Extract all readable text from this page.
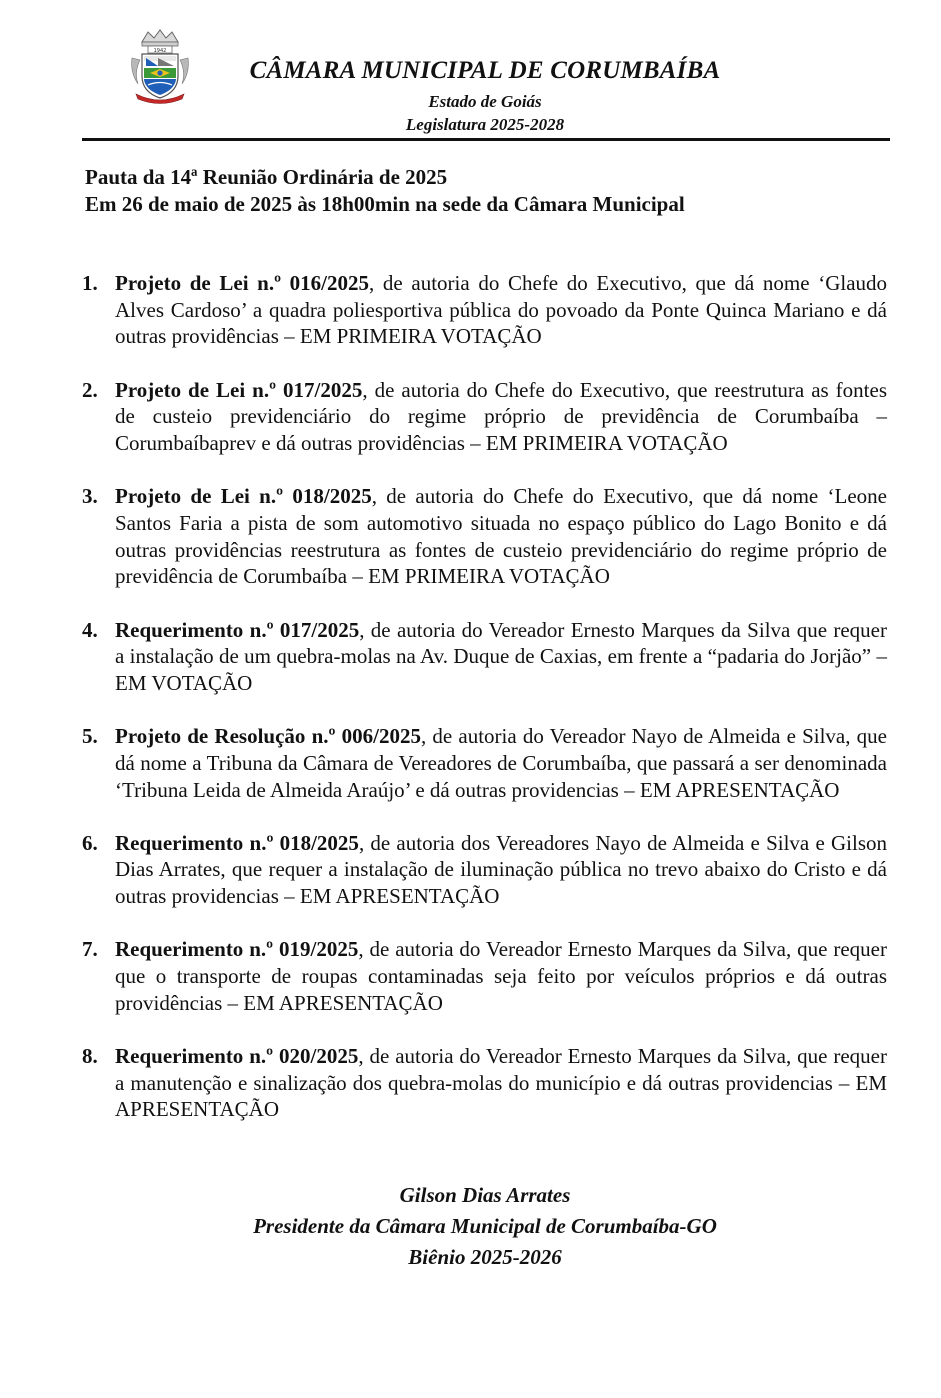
1942
CÂMARA MUNICIPAL DE CORUMBAÍBA
Estado de Goiás
Legislatura 2025-2028
Pauta da 14ª Reunião Ordinária de 2025
Em 26 de maio de 2025 às 18h00min na sede da Câmara Municipal
1. Projeto de Lei n.º 016/2025, de autoria do Chefe do Executivo, que dá nome ‘Glaudo Alves Cardoso’ a quadra poliesportiva pública do povoado da Ponte Quinca Mariano e dá outras providências – EM PRIMEIRA VOTAÇÃO
2. Projeto de Lei n.º 017/2025, de autoria do Chefe do Executivo, que reestrutura as fontes de custeio previdenciário do regime próprio de previdência de Corumbaíba – Corumbaíbaprev e dá outras providências – EM PRIMEIRA VOTAÇÃO
3. Projeto de Lei n.º 018/2025, de autoria do Chefe do Executivo, que dá nome ‘Leone Santos Faria a pista de som automotivo situada no espaço público do Lago Bonito e dá outras providências reestrutura as fontes de custeio previdenciário do regime próprio de previdência de Corumbaíba – EM PRIMEIRA VOTAÇÃO
4. Requerimento n.º 017/2025, de autoria do Vereador Ernesto Marques da Silva que requer a instalação de um quebra-molas na Av. Duque de Caxias, em frente a “padaria do Jorjão” – EM VOTAÇÃO
5. Projeto de Resolução n.º 006/2025, de autoria do Vereador Nayo de Almeida e Silva, que dá nome a Tribuna da Câmara de Vereadores de Corumbaíba, que passará a ser denominada ‘Tribuna Leida de Almeida Araújo’ e dá outras providencias – EM APRESENTAÇÃO
6. Requerimento n.º 018/2025, de autoria dos Vereadores Nayo de Almeida e Silva e Gilson Dias Arrates, que requer a instalação de iluminação pública no trevo abaixo do Cristo e dá outras providencias – EM APRESENTAÇÃO
7. Requerimento n.º 019/2025, de autoria do Vereador Ernesto Marques da Silva, que requer que o transporte de roupas contaminadas seja feito por veículos próprios e dá outras providências – EM APRESENTAÇÃO
8. Requerimento n.º 020/2025, de autoria do Vereador Ernesto Marques da Silva, que requer a manutenção e sinalização dos quebra-molas do município e dá outras providencias – EM APRESENTAÇÃO
Gilson Dias Arrates
Presidente da Câmara Municipal de Corumbaíba-GO
Biênio 2025-2026
